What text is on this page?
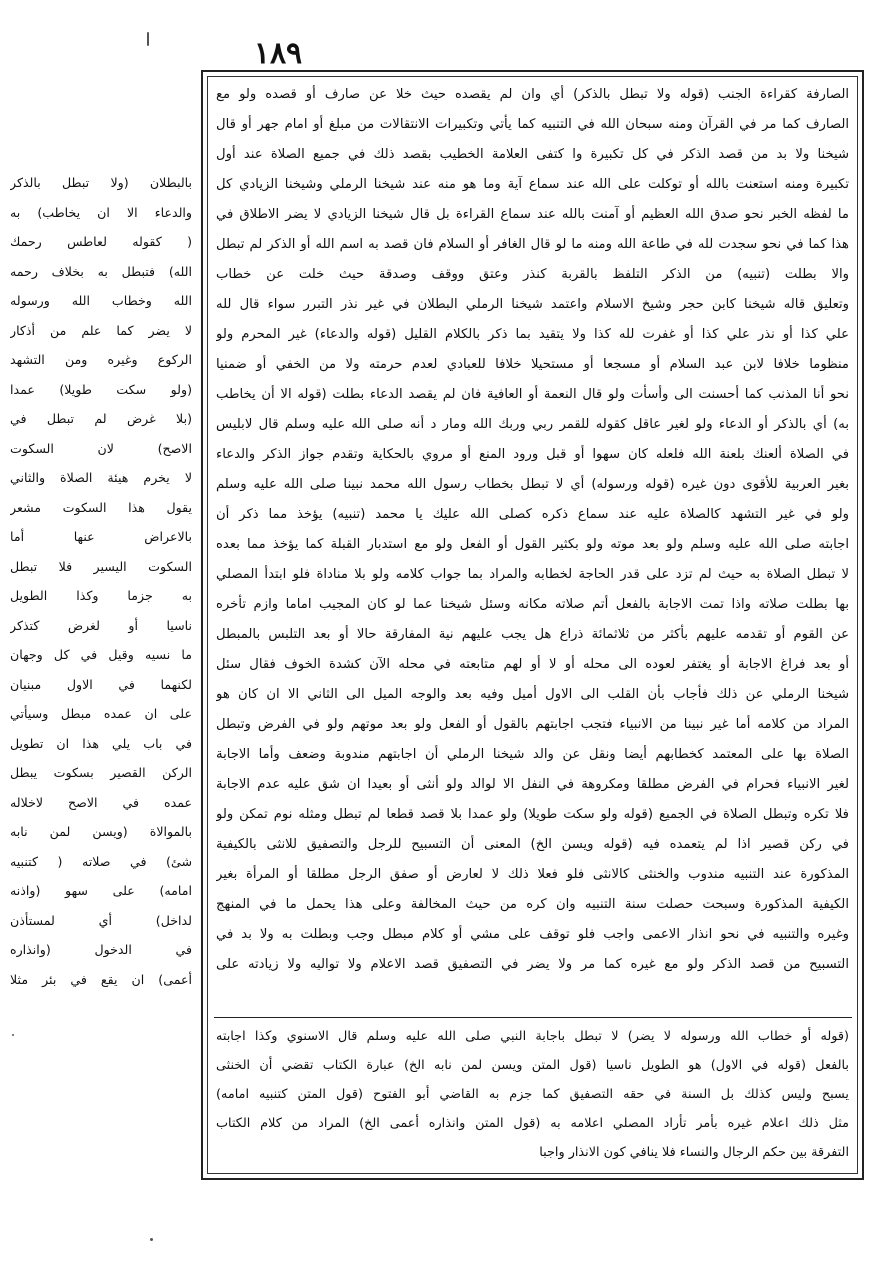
۱۸۹
الصارفة كقراءة الجنب (قوله ولا تبطل بالذكر) أي وان لم يقصده حيث خلا عن صارف أو قصده ولو مع
الصارف كما مر في القرآن ومنه سبحان الله في التنبيه كما يأتي وتكبيرات الانتقالات من مبلغ أو امام جهر أو قال
شيخنا ولا بد من قصد الذكر في كل تكبيرة وا كتفى العلامة الخطيب بقصد ذلك في جميع الصلاة عند أول
تكبيرة ومنه استعنت بالله أو توكلت على الله عند سماع آية وما هو منه عند شيخنا الرملي وشيخنا الزيادي كل
ما لفظه الخبر نحو صدق الله العظيم أو آمنت بالله عند سماع القراءة بل قال شيخنا الزيادي لا يضر الاطلاق في
هذا كما في نحو سجدت لله في طاعة الله ومنه ما لو قال الغافر أو السلام فان قصد به اسم الله أو الذكر لم تبطل
والا بطلت (تنبيه) من الذكر التلفظ بالقربة كنذر وعتق ووقف وصدقة حيث خلت عن خطاب
وتعليق قاله شيخنا كابن حجر وشيخ الاسلام واعتمد شيخنا الرملي البطلان في غير نذر التبرر سواء قال لله
علي كذا أو نذر علي كذا أو غفرت لله كذا ولا يتقيد بما ذكر بالكلام القليل (قوله والدعاء) غير المحرم ولو
منظوما خلافا لابن عبد السلام أو مسجعا أو مستحيلا خلافا للعبادي لعدم حرمته ولا من الخفي أو ضمنيا
نحو أنا المذنب كما أحسنت الى وأسأت ولو قال النعمة أو العافية فان لم يقصد الدعاء بطلت (قوله الا أن يخاطب
به) أي بالذكر أو الدعاء ولو لغير عاقل كقوله للقمر ربي وربك الله ومار د أنه صلى الله عليه وسلم قال لابليس
في الصلاة ألعنك بلعنة الله فلعله كان سهوا أو قبل ورود المنع أو مروي بالحكاية وتقدم جواز الذكر والدعاء
بغير العربية للأقوى دون غيره (قوله ورسوله) أي لا تبطل بخطاب رسول الله محمد نبينا صلى الله عليه وسلم
ولو في غير التشهد كالصلاة عليه عند سماع ذكره كصلى الله عليك يا محمد (تنبيه) يؤخذ مما ذكر أن
اجابته صلى الله عليه وسلم ولو بعد موته ولو بكثير القول أو الفعل ولو مع استدبار القبلة كما يؤخذ مما بعده
لا تبطل الصلاة به حيث لم تزد على قدر الحاجة لخطابه والمراد بما جواب كلامه ولو بلا مناداة فلو ابتدأ المصلي
بها بطلت صلاته واذا تمت الاجابة بالفعل أتم صلاته مكانه وسئل شيخنا عما لو كان المجيب اماما وازم تأخره
عن القوم أو تقدمه عليهم بأكثر من ثلاثمائة ذراع هل يجب عليهم نية المفارقة حالا أو بعد التلبس بالمبطل
أو بعد فراغ الاجابة أو يغتفر لعوده الى محله أو لا أو لهم متابعته في محله الآن كشدة الخوف فقال سئل
شيخنا الرملي عن ذلك فأجاب بأن القلب الى الاول أميل وفيه بعد والوجه الميل الى الثاني الا ان كان هو
المراد من كلامه أما غير نبينا من الانبياء فتجب اجابتهم بالقول أو الفعل ولو بعد موتهم ولو في الفرض وتبطل
الصلاة بها على المعتمد كخطابهم أيضا ونقل عن والد شيخنا الرملي أن اجابتهم مندوبة وضعف وأما الاجابة
لغير الانبياء فحرام في الفرض مطلقا ومكروهة في النفل الا لوالد ولو أنثى أو بعيدا ان شق عليه عدم الاجابة
فلا تكره وتبطل الصلاة في الجميع (قوله ولو سكت طويلا) ولو عمدا بلا قصد قطعا لم تبطل ومثله نوم تمكن ولو
في ركن قصير اذا لم يتعمده فيه (قوله ويسن الخ) المعنى أن التسبيح للرجل والتصفيق للانثى بالكيفية
المذكورة عند التنبيه مندوب والخنثى كالانثى فلو فعلا ذلك لا لعارض أو صفق الرجل مطلقا أو المرأة بغير
الكيفية المذكورة وسبحت حصلت سنة التنبيه وان كره من حيث المخالفة وعلى هذا يحمل ما في المنهج
وغيره والتنبيه في نحو انذار الاعمى واجب فلو توقف على مشي أو كلام مبطل وجب وبطلت به ولا بد في
التسبيح من قصد الذكر ولو مع غيره كما مر ولا يضر في التصفيق قصد الاعلام ولا تواليه ولا زيادته على
(قوله أو خطاب الله ورسوله لا يضر) لا تبطل باجابة النبي صلى الله عليه وسلم قال الاسنوي وكذا اجابته
بالفعل (قوله في الاول) هو الطويل ناسيا (قول المتن ويسن لمن نابه الخ) عبارة الكتاب تقضي أن الخنثى
يسبح وليس كذلك بل السنة في حقه التصفيق كما جزم به القاضي أبو الفتوح (قول المتن كتنبيه امامه)
مثل ذلك اعلام غيره بأمر تأراد المصلي اعلامه به (قول المتن وانذاره أعمى الخ) المراد من كلام الكتاب
التفرقة بين حكم الرجال والنساء فلا ينافي كون الانذار واجبا
بالبطلان (ولا تبطل بالذكر
والدعاء الا ان يخاطب) به
( كقوله لعاطس رحمك
الله) فتبطل به بخلاف رحمه
الله وخطاب الله ورسوله
لا يضر كما علم من أذكار
الركوع وغيره ومن التشهد
(ولو سكت طويلا) عمدا
(بلا غرض لم تبطل في
الاصح) لان السكوت
لا يخرم هيئة الصلاة والثاني
يقول هذا السكوت مشعر
بالاعراض عنها أما
السكوت اليسير فلا تبطل
به جزما وكذا الطويل
ناسيا أو لغرض كتذكر
ما نسيه وقيل في كل وجهان
لكنهما في الاول مبنيان
على ان عمده مبطل وسيأتي
في باب يلي هذا ان تطويل
الركن القصير بسكوت يبطل
عمده في الاصح لاخلاله
بالموالاة (ويسن لمن نابه
شئ) في صلاته ( كتنبيه
امامه) على سهو (واذنه
لداخل) أي لمستأذن
في الدخول (وانذاره
أعمى) ان يقع في بئر مثلا
